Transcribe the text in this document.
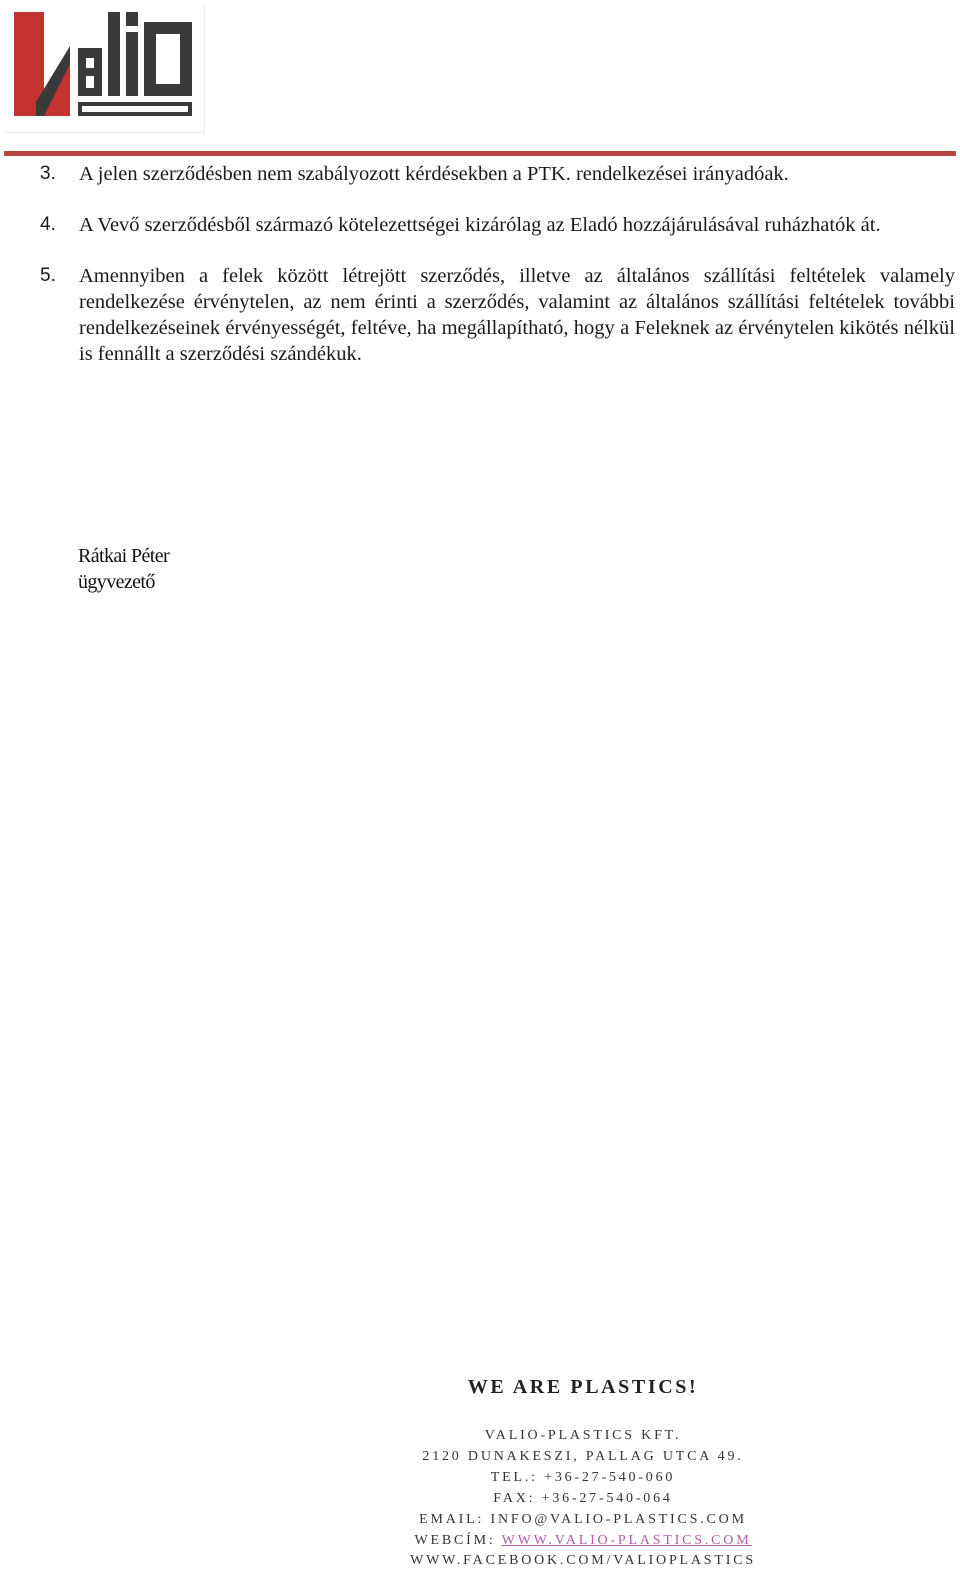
3.	A jelen szerződésben nem szabályozott kérdésekben a PTK. rendelkezései irányadóak.
4.	A Vevő szerződésből származó kötelezettségei kizárólag az Eladó hozzájárulásával ruházhatók át.
5.	Amennyiben a felek között létrejött szerződés, illetve az általános szállítási feltételek valamely rendelkezése érvénytelen, az nem érinti a szerződés, valamint az általános szállítási feltételek további rendelkezéseinek érvényességét, feltéve, ha megállapítható, hogy a Feleknek az érvénytelen kikötés nélkül is fennállt a szerződési szándékuk.
Rátkai Péter
ügyvezető
WE ARE PLASTICS!
VALIO-PLASTICS KFT.
2120 DUNAKESZI, PALLAG UTCA 49.
TEL.: +36-27-540-060
FAX: +36-27-540-064
EMAIL: INFO@VALIO-PLASTICS.COM
WEBCÍM: WWW.VALIO-PLASTICS.COM
WWW.FACEBOOK.COM/VALIOPLASTICS
